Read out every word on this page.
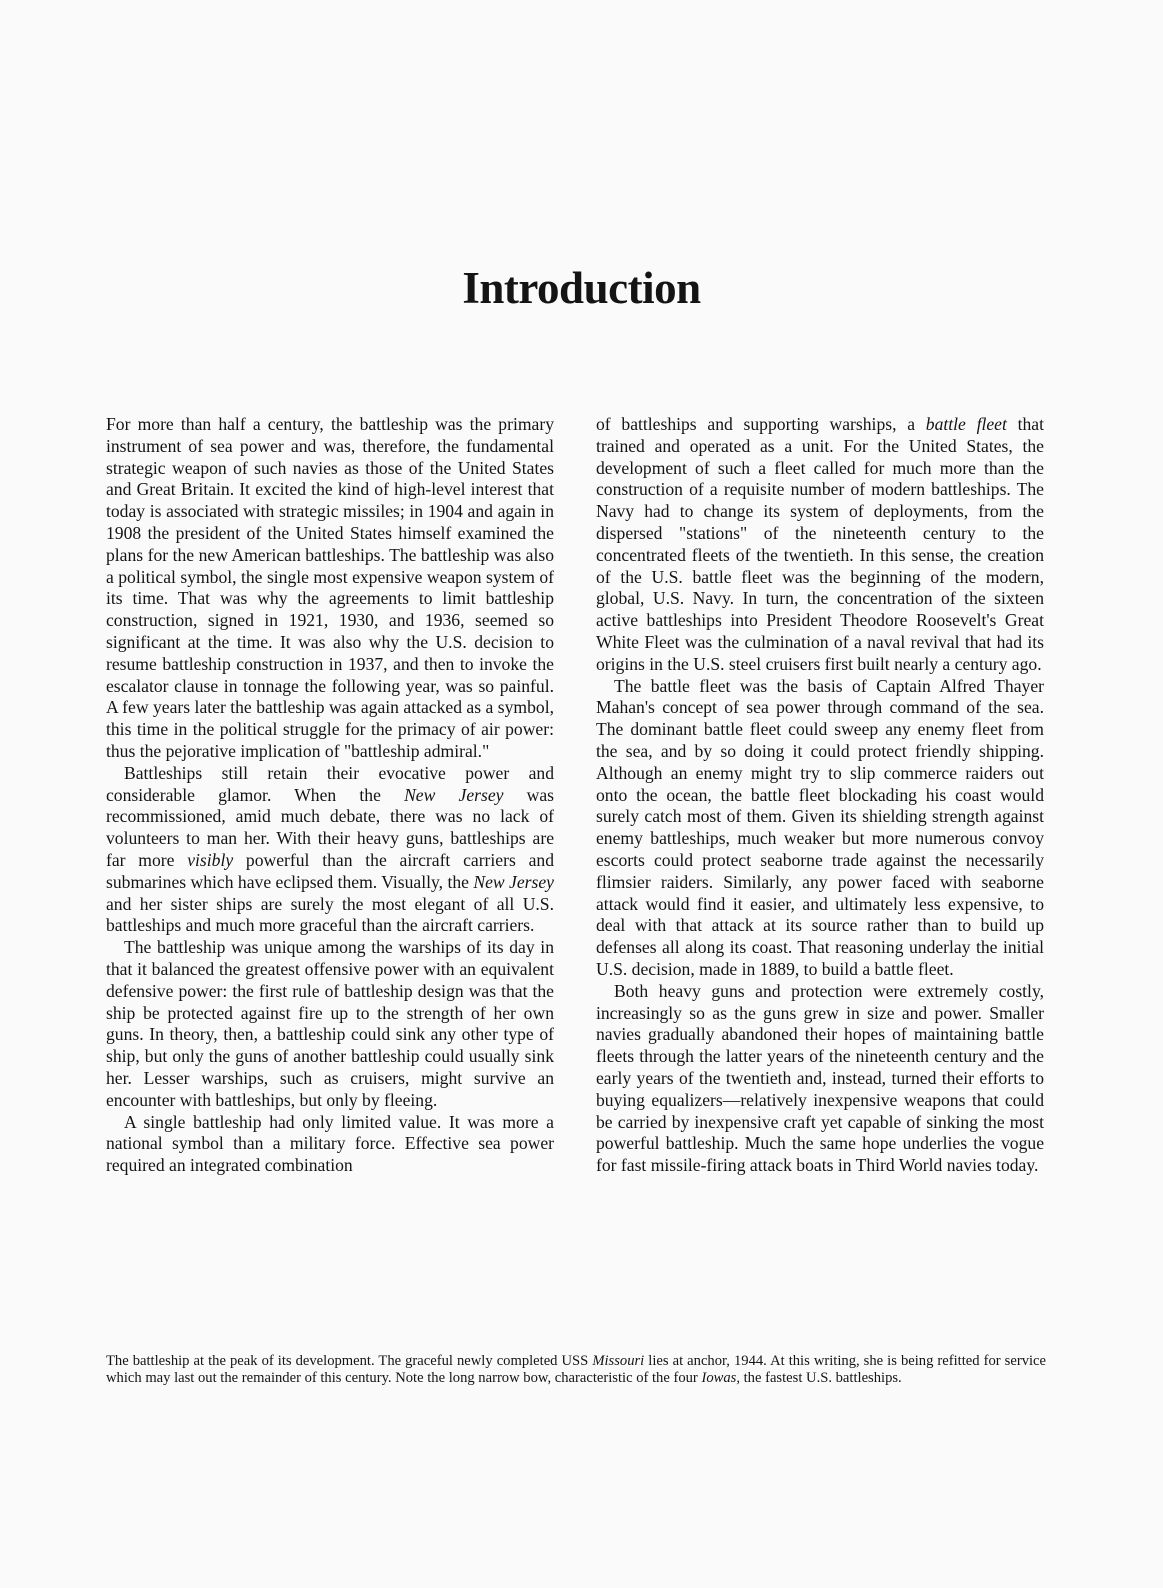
Introduction

For more than half a century, the battleship was the primary instrument of sea power and was, therefore, the fundamental strategic weapon of such navies as those of the United States and Great Britain. It excited the kind of high-level interest that today is associated with strategic missiles; in 1904 and again in 1908 the president of the United States himself examined the plans for the new American battleships. The battleship was also a political symbol, the single most expensive weapon system of its time. That was why the agreements to limit battleship construction, signed in 1921, 1930, and 1936, seemed so significant at the time. It was also why the U.S. decision to resume battleship construction in 1937, and then to invoke the escalator clause in tonnage the following year, was so painful. A few years later the battleship was again attacked as a symbol, this time in the political struggle for the primacy of air power: thus the pejorative implication of "battleship admiral."

Battleships still retain their evocative power and considerable glamor. When the New Jersey was recommissioned, amid much debate, there was no lack of volunteers to man her. With their heavy guns, battleships are far more visibly powerful than the aircraft carriers and submarines which have eclipsed them. Visually, the New Jersey and her sister ships are surely the most elegant of all U.S. battleships and much more graceful than the aircraft carriers.

The battleship was unique among the warships of its day in that it balanced the greatest offensive power with an equivalent defensive power: the first rule of battleship design was that the ship be protected against fire up to the strength of her own guns. In theory, then, a battleship could sink any other type of ship, but only the guns of another battleship could usually sink her. Lesser warships, such as cruisers, might survive an encounter with battleships, but only by fleeing.

A single battleship had only limited value. It was more a national symbol than a military force. Effective sea power required an integrated combination

of battleships and supporting warships, a battle fleet that trained and operated as a unit. For the United States, the development of such a fleet called for much more than the construction of a requisite number of modern battleships. The Navy had to change its system of deployments, from the dispersed "stations" of the nineteenth century to the concentrated fleets of the twentieth. In this sense, the creation of the U.S. battle fleet was the beginning of the modern, global, U.S. Navy. In turn, the concentration of the sixteen active battleships into President Theodore Roosevelt's Great White Fleet was the culmination of a naval revival that had its origins in the U.S. steel cruisers first built nearly a century ago.

The battle fleet was the basis of Captain Alfred Thayer Mahan's concept of sea power through command of the sea. The dominant battle fleet could sweep any enemy fleet from the sea, and by so doing it could protect friendly shipping. Although an enemy might try to slip commerce raiders out onto the ocean, the battle fleet blockading his coast would surely catch most of them. Given its shielding strength against enemy battleships, much weaker but more numerous convoy escorts could protect seaborne trade against the necessarily flimsier raiders. Similarly, any power faced with seaborne attack would find it easier, and ultimately less expensive, to deal with that attack at its source rather than to build up defenses all along its coast. That reasoning underlay the initial U.S. decision, made in 1889, to build a battle fleet.

Both heavy guns and protection were extremely costly, increasingly so as the guns grew in size and power. Smaller navies gradually abandoned their hopes of maintaining battle fleets through the latter years of the nineteenth century and the early years of the twentieth and, instead, turned their efforts to buying equalizers—relatively inexpensive weapons that could be carried by inexpensive craft yet capable of sinking the most powerful battleship. Much the same hope underlies the vogue for fast missile-firing attack boats in Third World navies today.

The battleship at the peak of its development. The graceful newly completed USS Missouri lies at anchor, 1944. At this writing, she is being refitted for service which may last out the remainder of this century. Note the long narrow bow, characteristic of the four Iowas, the fastest U.S. battleships.
